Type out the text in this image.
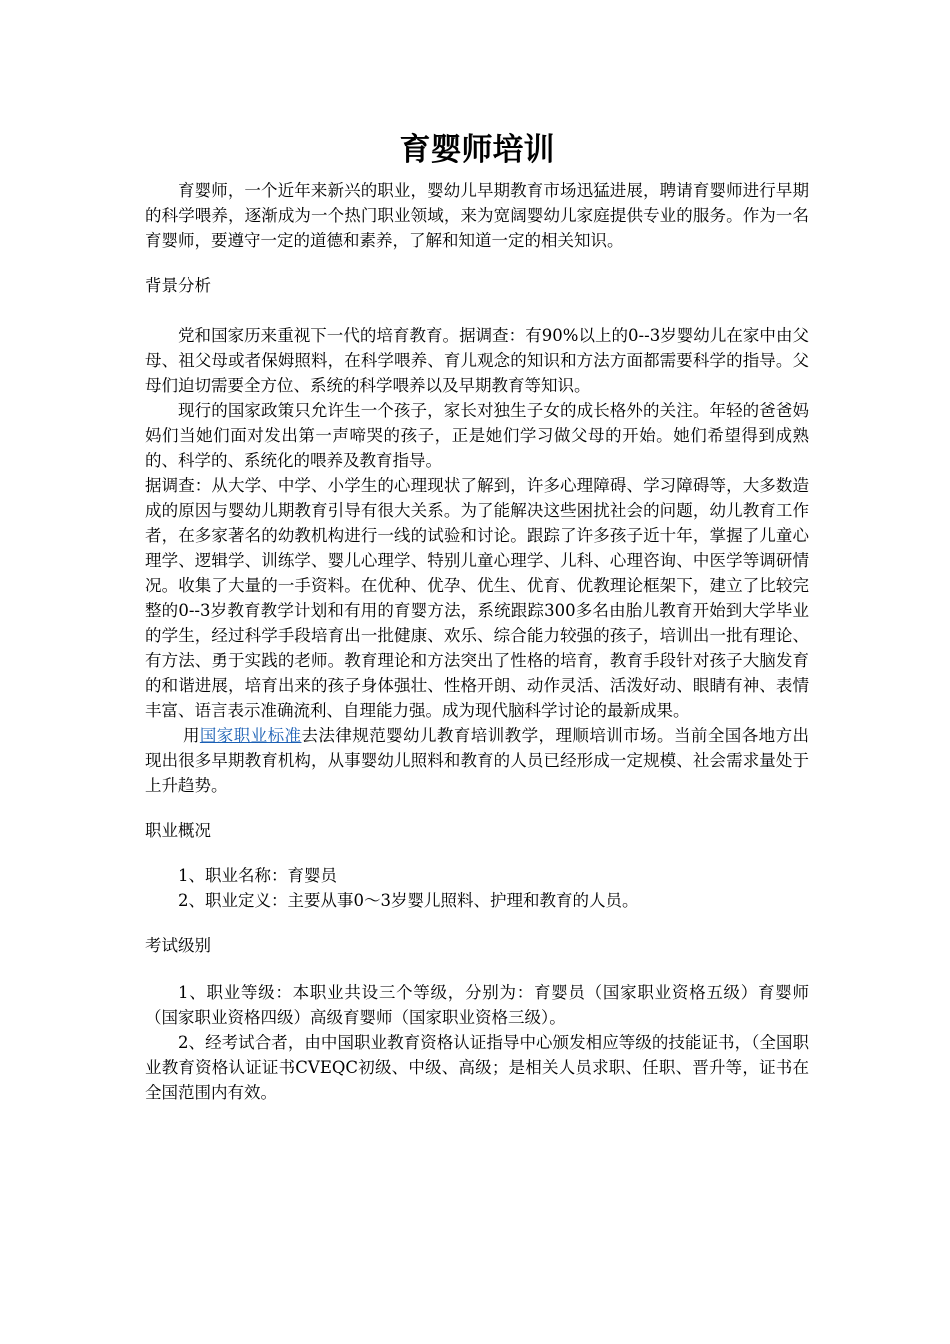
育婴师培训

育婴师，一个近年来新兴的职业，婴幼儿早期教育市场迅猛进展，聘请育婴师进行早期的科学喂养，逐渐成为一个热门职业领域，来为宽阔婴幼儿家庭提供专业的服务。作为一名育婴师，要遵守一定的道德和素养，了解和知道一定的相关知识。

背景分析

党和国家历来重视下一代的培育教育。据调查：有90%以上的0--3岁婴幼儿在家中由父母、祖父母或者保姆照料，在科学喂养、育儿观念的知识和方法方面都需要科学的指导。父母们迫切需要全方位、系统的科学喂养以及早期教育等知识。

现行的国家政策只允许生一个孩子，家长对独生子女的成长格外的关注。年轻的爸爸妈妈们当她们面对发出第一声啼哭的孩子，正是她们学习做父母的开始。她们希望得到成熟的、科学的、系统化的喂养及教育指导。

据调查：从大学、中学、小学生的心理现状了解到，许多心理障碍、学习障碍等，大多数造成的原因与婴幼儿期教育引导有很大关系。为了能解决这些困扰社会的问题，幼儿教育工作者，在多家著名的幼教机构进行一线的试验和讨论。跟踪了许多孩子近十年，掌握了儿童心理学、逻辑学、训练学、婴儿心理学、特别儿童心理学、儿科、心理咨询、中医学等调研情况。收集了大量的一手资料。在优种、优孕、优生、优育、优教理论框架下，建立了比较完整的0--3岁教育教学计划和有用的育婴方法，系统跟踪300多名由胎儿教育开始到大学毕业的学生，经过科学手段培育出一批健康、欢乐、综合能力较强的孩子，培训出一批有理论、有方法、勇于实践的老师。教育理论和方法突出了性格的培育，教育手段针对孩子大脑发育的和谐进展，培育出来的孩子身体强壮、性格开朗、动作灵活、活泼好动、眼睛有神、表情丰富、语言表示准确流利、自理能力强。成为现代脑科学讨论的最新成果。

用国家职业标准去法律规范婴幼儿教育培训教学，理顺培训市场。当前全国各地方出现出很多早期教育机构，从事婴幼儿照料和教育的人员已经形成一定规模、社会需求量处于上升趋势。

职业概况

1、职业名称：育婴员

2、职业定义：主要从事0～3岁婴儿照料、护理和教育的人员。

考试级别

1、职业等级：本职业共设三个等级，分别为：育婴员（国家职业资格五级）育婴师（国家职业资格四级）高级育婴师（国家职业资格三级）。

2、经考试合者，由中国职业教育资格认证指导中心颁发相应等级的技能证书，（全国职业教育资格认证证书CVEQC初级、中级、高级；是相关人员求职、任职、晋升等，证书在全国范围内有效。
